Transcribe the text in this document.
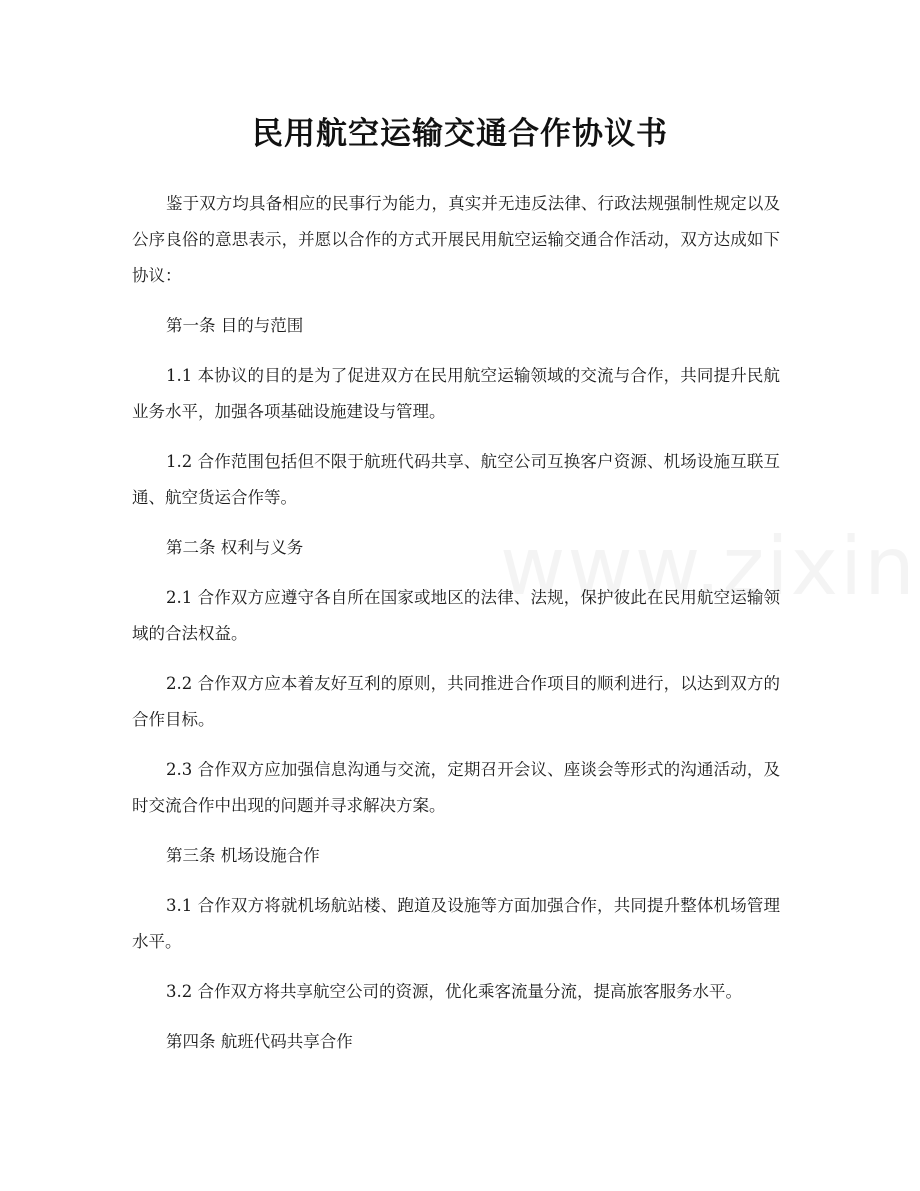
民用航空运输交通合作协议书

鉴于双方均具备相应的民事行为能力，真实并无违反法律、行政法规强制性规定以及公序良俗的意思表示，并愿以合作的方式开展民用航空运输交通合作活动，双方达成如下协议：

第一条 目的与范围

1.1 本协议的目的是为了促进双方在民用航空运输领域的交流与合作，共同提升民航业务水平，加强各项基础设施建设与管理。

1.2 合作范围包括但不限于航班代码共享、航空公司互换客户资源、机场设施互联互通、航空货运合作等。

第二条 权利与义务

2.1 合作双方应遵守各自所在国家或地区的法律、法规，保护彼此在民用航空运输领域的合法权益。

2.2 合作双方应本着友好互利的原则，共同推进合作项目的顺利进行，以达到双方的合作目标。

2.3 合作双方应加强信息沟通与交流，定期召开会议、座谈会等形式的沟通活动，及时交流合作中出现的问题并寻求解决方案。

第三条 机场设施合作

3.1 合作双方将就机场航站楼、跑道及设施等方面加强合作，共同提升整体机场管理水平。

3.2 合作双方将共享航空公司的资源，优化乘客流量分流，提高旅客服务水平。

第四条 航班代码共享合作
